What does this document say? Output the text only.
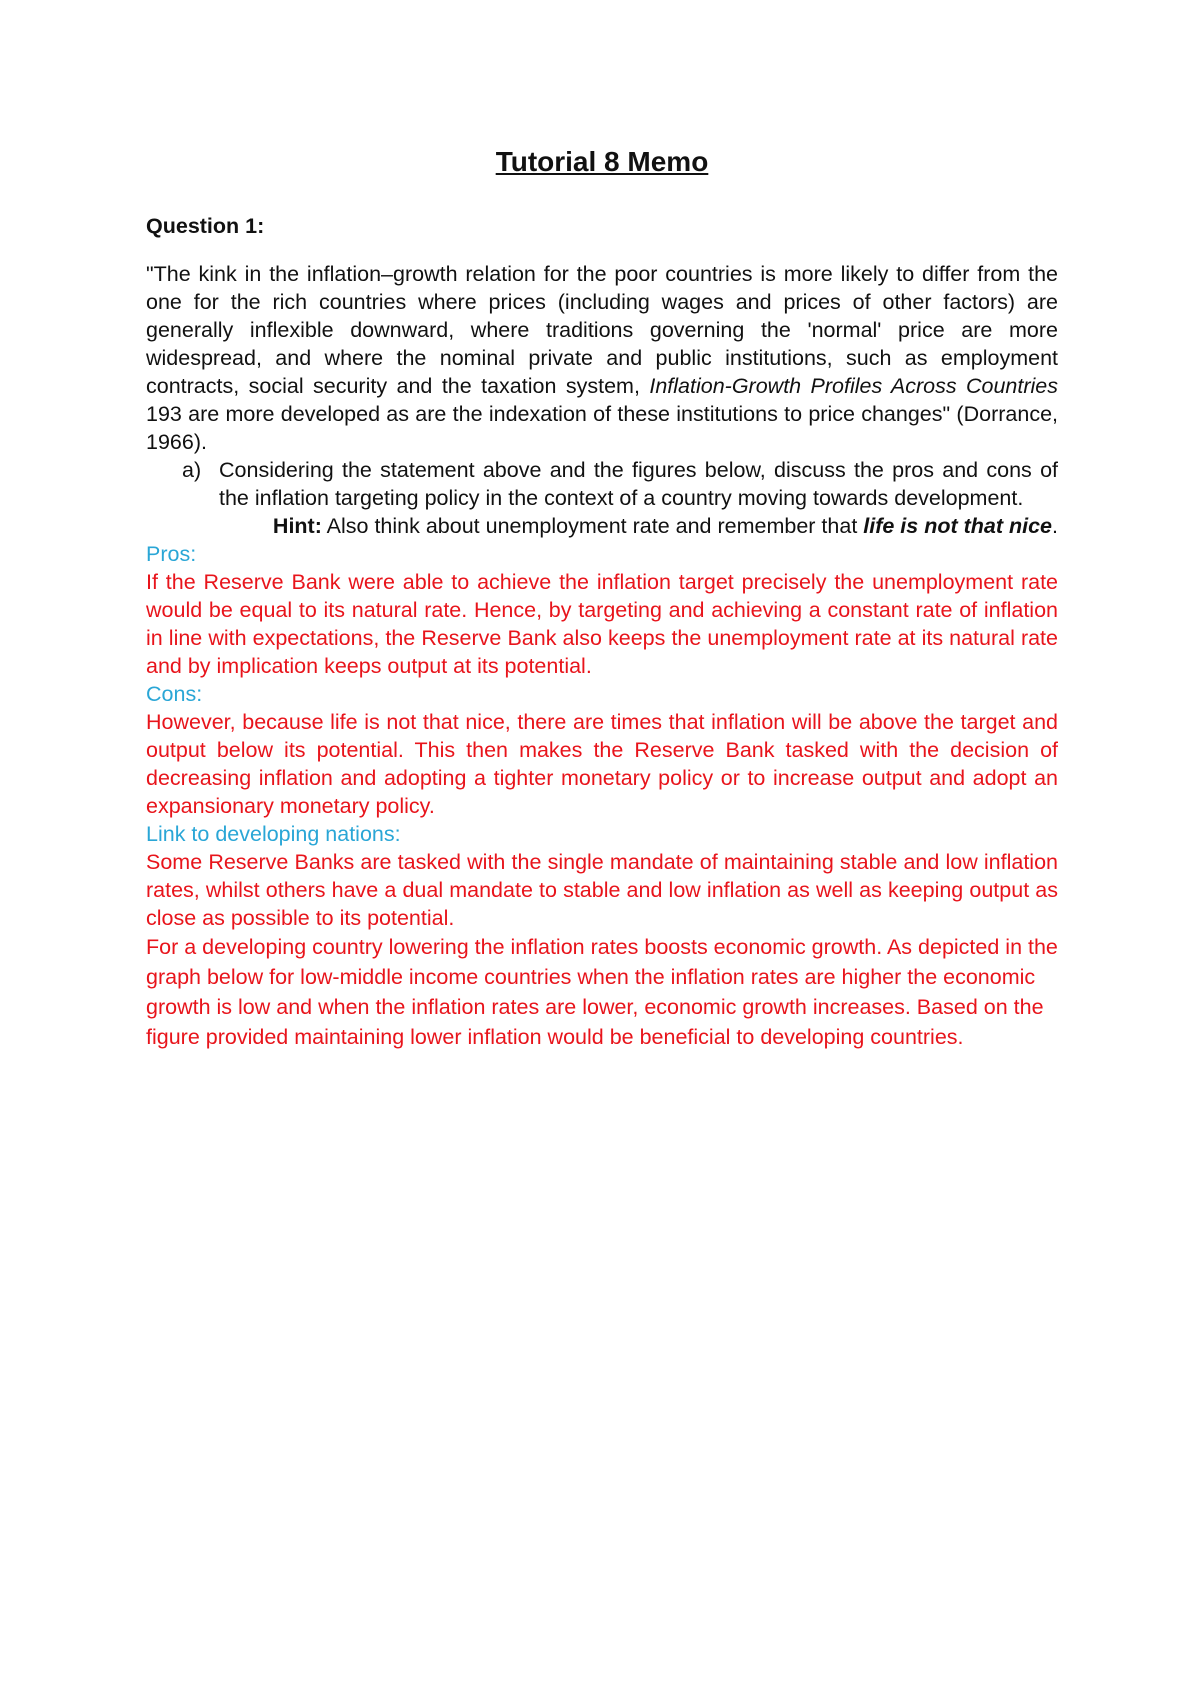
Tutorial 8 Memo

Question 1:

"The kink in the inflation–growth relation for the poor countries is more likely to differ from the one for the rich countries where prices (including wages and prices of other factors) are generally inflexible downward, where traditions governing the 'normal' price are more widespread, and where the nominal private and public institutions, such as employment contracts, social security and the taxation system, Inflation-Growth Profiles Across Countries 193 are more developed as are the indexation of these institutions to price changes" (Dorrance, 1966).

a) Considering the statement above and the figures below, discuss the pros and cons of the inflation targeting policy in the context of a country moving towards development.

Hint: Also think about unemployment rate and remember that life is not that nice.

Pros:

If the Reserve Bank were able to achieve the inflation target precisely the unemployment rate would be equal to its natural rate. Hence, by targeting and achieving a constant rate of inflation in line with expectations, the Reserve Bank also keeps the unemployment rate at its natural rate and by implication keeps output at its potential.

Cons:

However, because life is not that nice, there are times that inflation will be above the target and output below its potential. This then makes the Reserve Bank tasked with the decision of decreasing inflation and adopting a tighter monetary policy or to increase output and adopt an expansionary monetary policy.

Link to developing nations:

Some Reserve Banks are tasked with the single mandate of maintaining stable and low inflation rates, whilst others have a dual mandate to stable and low inflation as well as keeping output as close as possible to its potential.

For a developing country lowering the inflation rates boosts economic growth. As depicted in the graph below for low-middle income countries when the inflation rates are higher the economic growth is low and when the inflation rates are lower, economic growth increases. Based on the figure provided maintaining lower inflation would be beneficial to developing countries.
